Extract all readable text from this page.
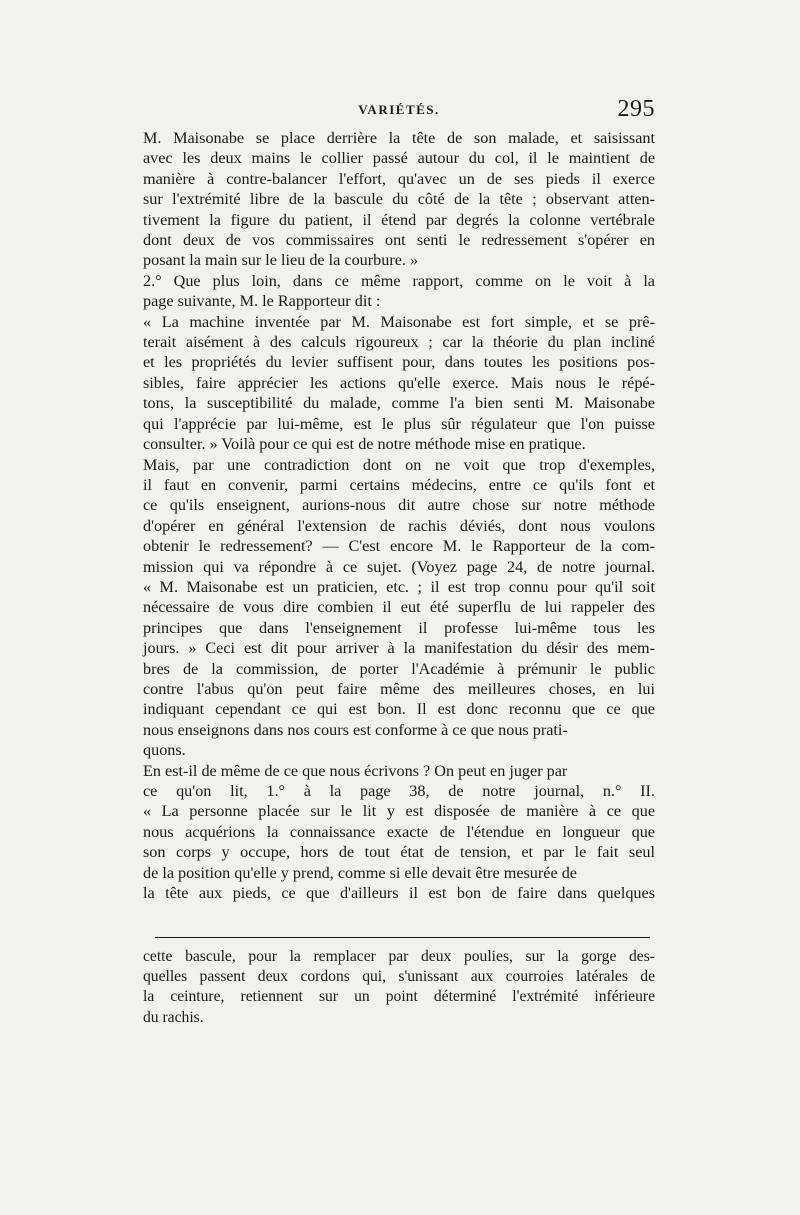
VARIÉTÉS.	295
M. Maisonabe se place derrière la tête de son malade, et saisissant
avec les deux mains le collier passé autour du col, il le maintient de
manière à contre-balancer l'effort, qu'avec un de ses pieds il exerce
sur l'extrémité libre de la bascule du côté de la tête ; observant atten-
tivement la figure du patient, il étend par degrés la colonne vertébrale
dont deux de vos commissaires ont senti le redressement s'opérer en
posant la main sur le lieu de la courbure. »
2.° Que plus loin, dans ce même rapport, comme on le voit à la
page suivante, M. le Rapporteur dit :
« La machine inventée par M. Maisonabe est fort simple, et se prê-
terait aisément à des calculs rigoureux ; car la théorie du plan incliné
et les propriétés du levier suffisent pour, dans toutes les positions pos-
sibles, faire apprécier les actions qu'elle exerce. Mais nous le répé-
tons, la susceptibilité du malade, comme l'a bien senti M. Maisonabe
qui l'apprécie par lui-même, est le plus sûr régulateur que l'on puisse
consulter. » Voilà pour ce qui est de notre méthode mise en pratique.
Mais, par une contradiction dont on ne voit que trop d'exemples,
il faut en convenir, parmi certains médecins, entre ce qu'ils font et
ce qu'ils enseignent, aurions-nous dit autre chose sur notre méthode
d'opérer en général l'extension de rachis déviés, dont nous voulons
obtenir le redressement? — C'est encore M. le Rapporteur de la com-
mission qui va répondre à ce sujet. (Voyez page 24, de notre journal.
« M. Maisonabe est un praticien, etc. ; il est trop connu pour qu'il soit
nécessaire de vous dire combien il eut été superflu de lui rappeler des
principes que dans l'enseignement il professe lui-même tous les
jours. » Ceci est dit pour arriver à la manifestation du désir des mem-
bres de la commission, de porter l'Académie à prémunir le public
contre l'abus qu'on peut faire même des meilleures choses, en lui
indiquant cependant ce qui est bon. Il est donc reconnu que ce que
nous enseignons dans nos cours est conforme à ce que nous prati-
quons.
En est-il de même de ce que nous écrivons ? On peut en juger par
ce qu'on lit, 1.° à la page 38, de notre journal, n.° II.
« La personne placée sur le lit y est disposée de manière à ce que
nous acquérions la connaissance exacte de l'étendue en longueur que
son corps y occupe, hors de tout état de tension, et par le fait seul
de la position qu'elle y prend, comme si elle devait être mesurée de
la tête aux pieds, ce que d'ailleurs il est bon de faire dans quelques
cette bascule, pour la remplacer par deux poulies, sur la gorge des-
quelles passent deux cordons qui, s'unissant aux courroies latérales de
la ceinture, retiennent sur un point déterminé l'extrémité inférieure
du rachis.
